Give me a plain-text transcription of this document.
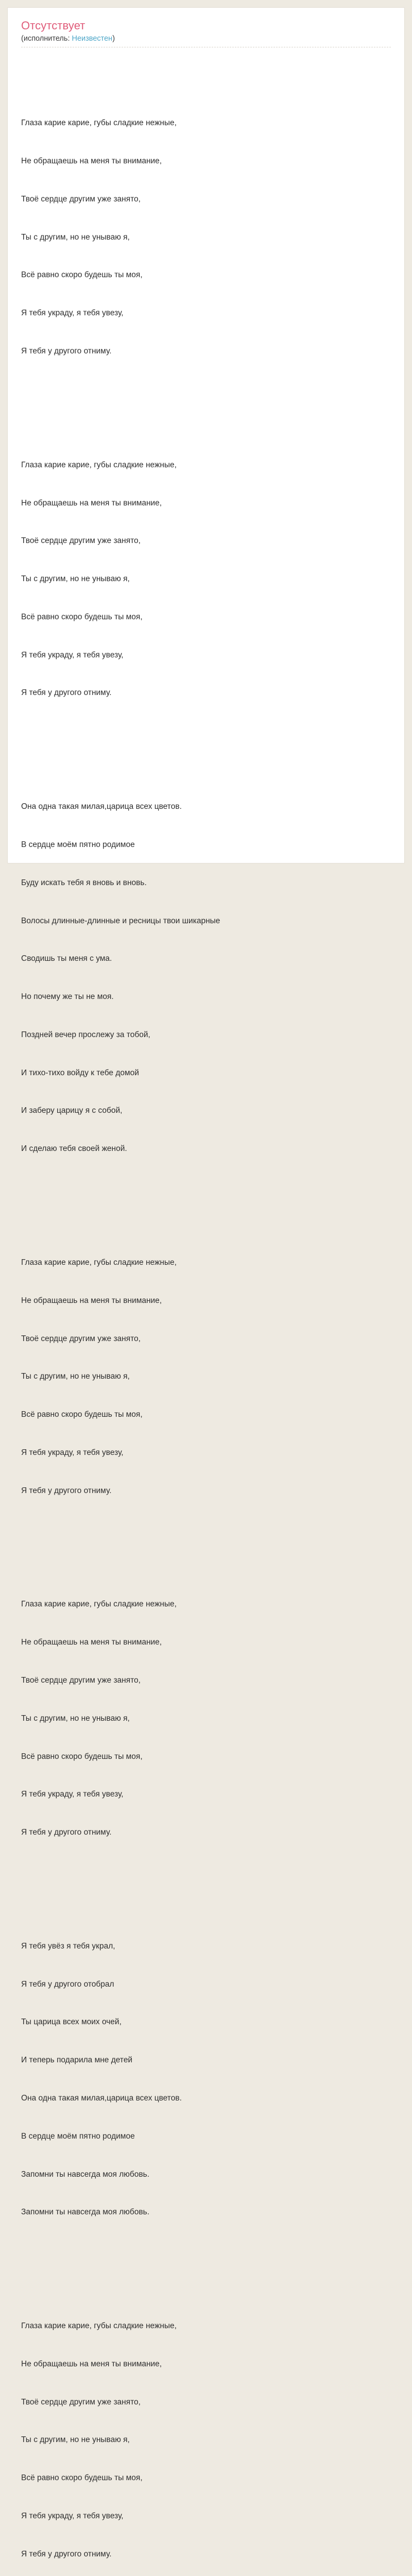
Отсутствует
(исполнитель: Неизвестен)

Глаза карие карие, губы сладкие нежные,

Не обращаешь на меня ты внимание,

Твоё сердце другим уже занято,

Ты с другим, но не унываю я,

Всё равно скоро будешь ты моя,

Я тебя украду, я тебя увезу,

Я тебя у другого отниму.

Глаза карие карие, губы сладкие нежные,

Не обращаешь на меня ты внимание,

Твоё сердце другим уже занято,

Ты с другим, но не унываю я,

Всё равно скоро будешь ты моя,

Я тебя украду, я тебя увезу,

Я тебя у другого отниму.

Она одна такая милая,царица всех цветов.

В сердце моём пятно родимое

Буду искать тебя я вновь и вновь.

Волосы длинные-длинные и ресницы твои шикарные

Сводишь ты меня с ума.

Но почему же ты не моя.

Поздней вечер прослежу за тобой,

И тихо-тихо войду к тебе домой

И заберу царицу я с собой,

И сделаю тебя своей женой.

Глаза карие карие, губы сладкие нежные,

Не обращаешь на меня ты внимание,

Твоё сердце другим уже занято,

Ты с другим, но не унываю я,

Всё равно скоро будешь ты моя,

Я тебя украду, я тебя увезу,

Я тебя у другого отниму.

Глаза карие карие, губы сладкие нежные,

Не обращаешь на меня ты внимание,

Твоё сердце другим уже занято,

Ты с другим, но не унываю я,

Всё равно скоро будешь ты моя,

Я тебя украду, я тебя увезу,

Я тебя у другого отниму.

Я тебя увёз я тебя украл,

Я тебя у другого отобрал

Ты царица всех моих очей,

И теперь подарила мне детей

Она одна такая милая,царица всех цветов.

В сердце моём пятно родимое

Запомни ты навсегда моя любовь.

Запомни ты навсегда моя любовь.

Глаза карие карие, губы сладкие нежные,

Не обращаешь на меня ты внимание,

Твоё сердце другим уже занято,

Ты с другим, но не унываю я,

Всё равно скоро будешь ты моя,

Я тебя украду, я тебя увезу,

Я тебя у другого отниму.
